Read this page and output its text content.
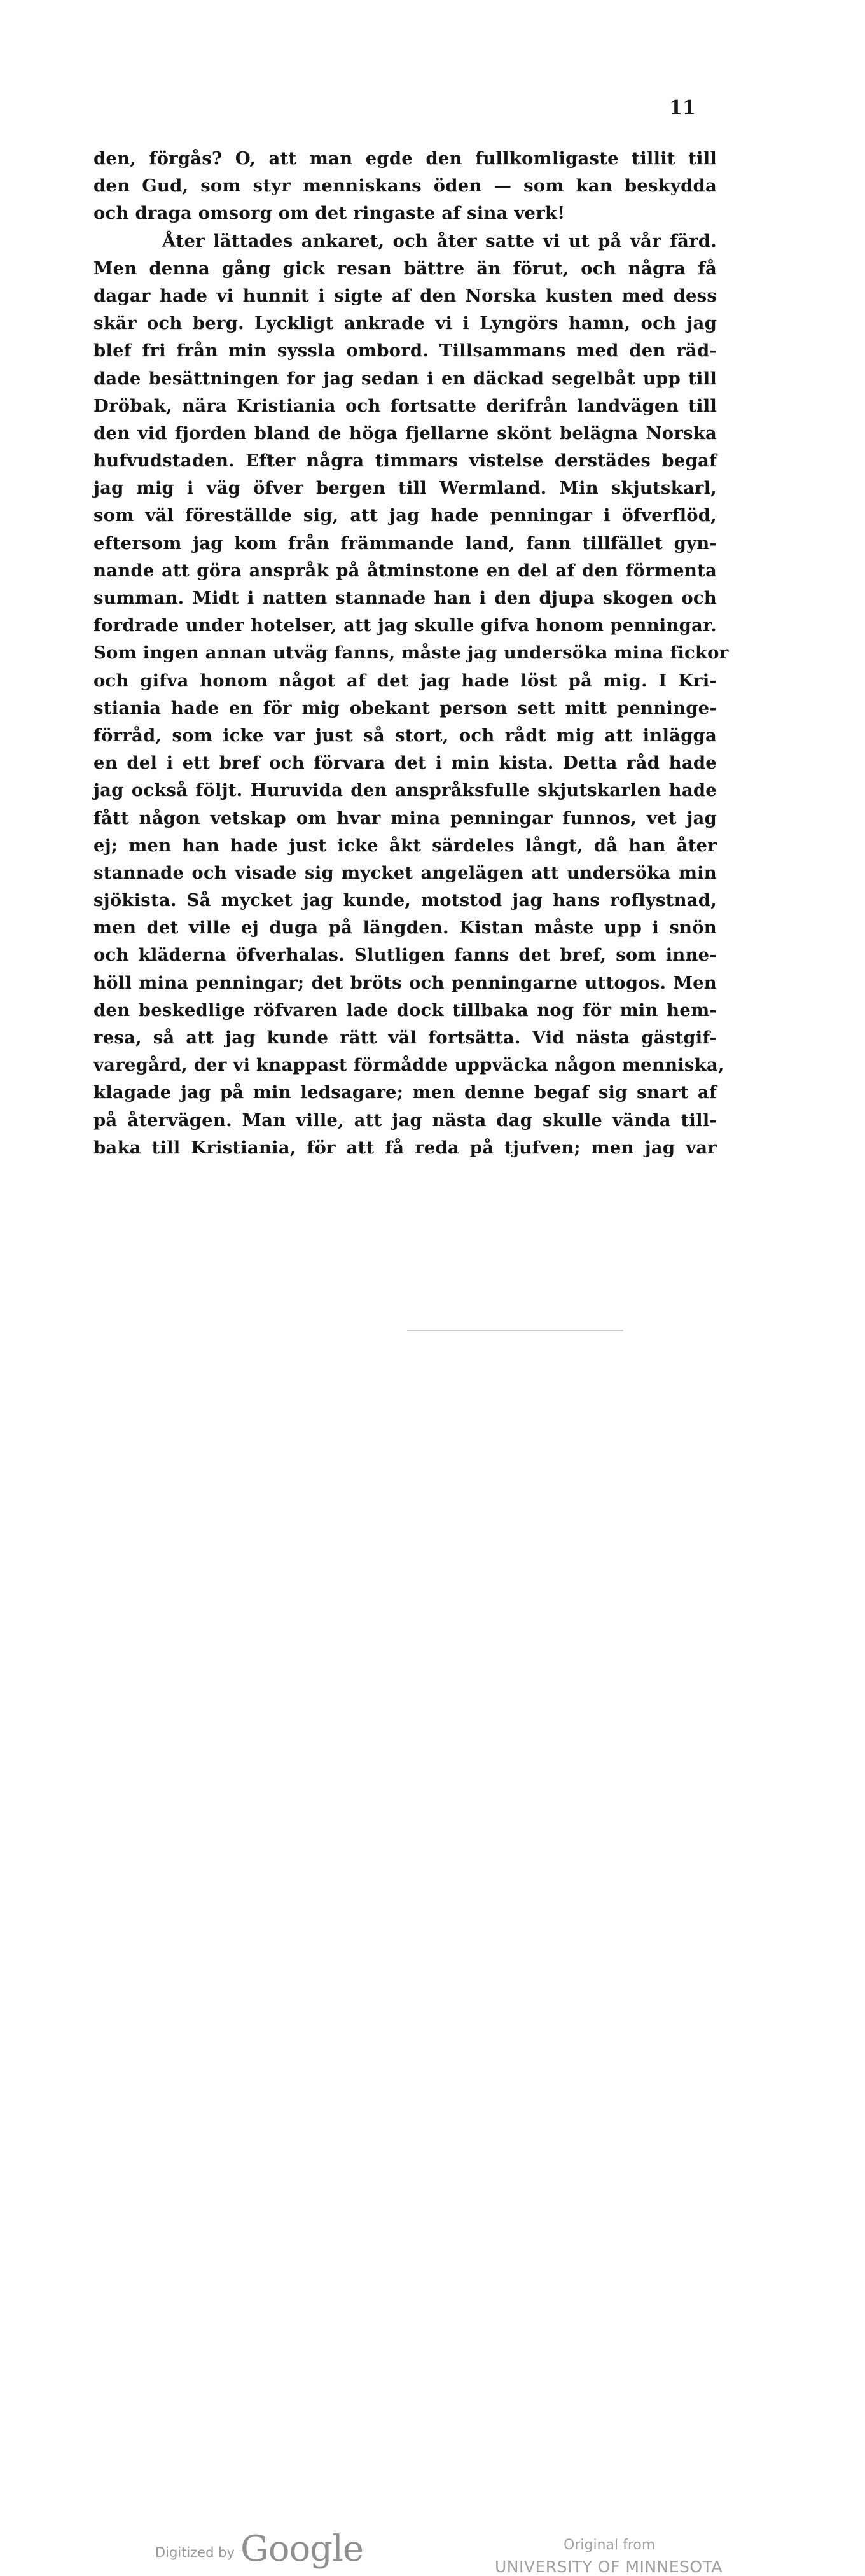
11
den, förgås? O, att man egde den fullkomligaste tillit till
den Gud, som styr menniskans öden — som kan beskydda
och draga omsorg om det ringaste af sina verk!
Åter lättades ankaret, och åter satte vi ut på vår färd.
Men denna gång gick resan bättre än förut, och några få
dagar hade vi hunnit i sigte af den Norska kusten med dess
skär och berg. Lyckligt ankrade vi i Lyngörs hamn, och jag
blef fri från min syssla ombord. Tillsammans med den räd-
dade besättningen for jag sedan i en däckad segelbåt upp till
Dröbak, nära Kristiania och fortsatte derifrån landvägen till
den vid fjorden bland de höga fjellarne skönt belägna Norska
hufvudstaden. Efter några timmars vistelse derstädes begaf
jag mig i väg öfver bergen till Wermland. Min skjutskarl,
som väl föreställde sig, att jag hade penningar i öfverflöd,
eftersom jag kom från främmande land, fann tillfället gyn-
nande att göra anspråk på åtminstone en del af den förmenta
summan. Midt i natten stannade han i den djupa skogen och
fordrade under hotelser, att jag skulle gifva honom penningar.
Som ingen annan utväg fanns, måste jag undersöka mina fickor
och gifva honom något af det jag hade löst på mig. I Kri-
stiania hade en för mig obekant person sett mitt penninge-
förråd, som icke var just så stort, och rådt mig att inlägga
en del i ett bref och förvara det i min kista. Detta råd hade
jag också följt. Huruvida den anspråksfulle skjutskarlen hade
fått någon vetskap om hvar mina penningar funnos, vet jag
ej; men han hade just icke åkt särdeles långt, då han åter
stannade och visade sig mycket angelägen att undersöka min
sjökista. Så mycket jag kunde, motstod jag hans roflystnad,
men det ville ej duga på längden. Kistan måste upp i snön
och kläderna öfverhalas. Slutligen fanns det bref, som inne-
höll mina penningar; det bröts och penningarne uttogos. Men
den beskedlige röfvaren lade dock tillbaka nog för min hem-
resa, så att jag kunde rätt väl fortsätta. Vid nästa gästgif-
varegård, der vi knappast förmådde uppväcka någon menniska,
klagade jag på min ledsagare; men denne begaf sig snart af
på återvägen. Man ville, att jag nästa dag skulle vända till-
baka till Kristiania, för att få reda på tjufven; men jag var
Digitized by Google	Original from
UNIVERSITY OF MINNESOTA
